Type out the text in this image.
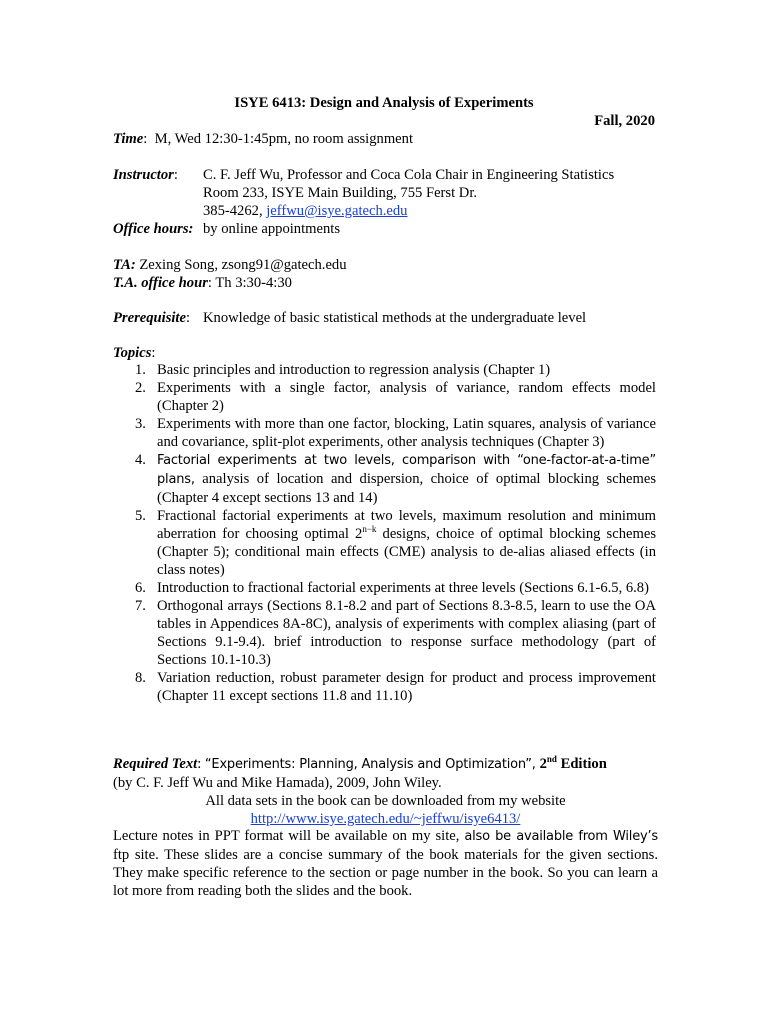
ISYE 6413: Design and Analysis of Experiments
Fall, 2020
Time:  M, Wed 12:30-1:45pm, no room assignment
Instructor: C. F. Jeff Wu, Professor and Coca Cola Chair in Engineering Statistics
Room 233, ISYE Main Building, 755 Ferst Dr.
385-4262, jeffwu@isye.gatech.edu
Office hours: by online appointments
TA: Zexing Song, zsong91@gatech.edu
T.A. office hour: Th 3:30-4:30
Prerequisite: Knowledge of basic statistical methods at the undergraduate level
Topics:
1. Basic principles and introduction to regression analysis (Chapter 1)
2. Experiments with a single factor, analysis of variance, random effects model (Chapter 2)
3. Experiments with more than one factor, blocking, Latin squares, analysis of variance and covariance, split-plot experiments, other analysis techniques (Chapter 3)
4. Factorial experiments at two levels, comparison with “one-factor-at-a-time” plans, analysis of location and dispersion, choice of optimal blocking schemes (Chapter 4 except sections 13 and 14)
5. Fractional factorial experiments at two levels, maximum resolution and minimum aberration for choosing optimal $2^{n-k}$ designs, choice of optimal blocking schemes (Chapter 5); conditional main effects (CME) analysis to de-alias aliased effects (in class notes)
6. Introduction to fractional factorial experiments at three levels (Sections 6.1-6.5, 6.8)
7. Orthogonal arrays (Sections 8.1-8.2 and part of Sections 8.3-8.5, learn to use the OA tables in Appendices 8A-8C), analysis of experiments with complex aliasing (part of Sections 9.1-9.4). brief introduction to response surface methodology (part of Sections 10.1-10.3)
8. Variation reduction, robust parameter design for product and process improvement (Chapter 11 except sections 11.8 and 11.10)
Required Text: “Experiments: Planning, Analysis and Optimization”, 2nd Edition
(by C. F. Jeff Wu and Mike Hamada), 2009, John Wiley.
All data sets in the book can be downloaded from my website
http://www.isye.gatech.edu/~jeffwu/isye6413/
Lecture notes in PPT format will be available on my site, also be available from Wiley’s ftp site. These slides are a concise summary of the book materials for the given sections. They make specific reference to the section or page number in the book. So you can learn a lot more from reading both the slides and the book.
